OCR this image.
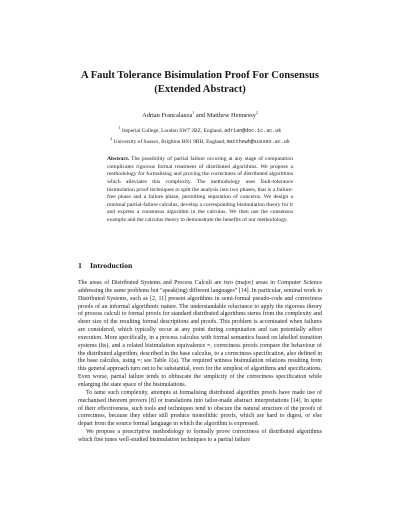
A Fault Tolerance Bisimulation Proof For Consensus
(Extended Abstract)
Adrian Francalanza$^1$ and Matthew Hennessy$^2$
$^1$ Imperial College, London SW7 2BZ, England, adrian@doc.ic.ac.uk
$^2$ University of Sussex, Brighton BN1 9RH, England, matthewh@sussex.ac.uk
Abstract. The possibility of partial failure occuring at any stage of computation complicates rigorous formal treatment of distributed algorithms. We propose a methodology for formalising and proving the correctness of distributed algorithms which alleviates this complexity. The methodology uses fault-tolerance bisimulation proof techniques to split the analysis into two phases, that is a failure-free phase and a failure phase, permitting separation of concerns. We design a minimal partial-failure calculus, develop a corresponding bisimulation theory for it and express a consensus algorithm in the calculus. We then use the consensus example and the calculus theory to demonstrate the benefits of our methodology.
1 Introduction

The areas of Distributed Systems and Process Calculi are two (major) areas in Computer Science addressing the same problems but "speak(ing) different languages" [14]. In particular, seminal work in Distributed Systems, such as [2, 11] present algorithms in semi-formal pseudo-code and correctness proofs of an informal algorithmic nature. The understandable reluctance to apply the rigorous theory of process calculi to formal proofs for standard distributed algorithms stems from the complexity and sheer size of the resulting formal descriptions and proofs. This problem is accentuated when failures are considered, which typically occur at any point during computation and can potentially affect execution. More specifically, in a process calculus with formal semantics based on labelled transition systems (lts), and a related bisimulation equivalence ≈, correctness proofs compare the behaviour of the distributed algorithm, described in the base calculus, to a correctness specification, also defined in the base calculus, using ≈; see Table 1(a). The required witness bisimulation relations resulting from this general approach turn out to be substantial, even for the simplest of algorithms and specifications. Even worse, partial failure tends to obfuscate the simplicity of the correctness specification while enlarging the state space of the bisimulations.

To tame such complexity, attempts at formalising distributed algorithm proofs have made use of mechanised theorem provers [8] or translations into tailor-made abstract interpretations [14]. In spite of their effectiveness, such tools and techniques tend to obscure the natural structure of the proofs of correctness, because they either still produce monolithic proofs, which are hard to digest, or else depart from the source formal language in which the algorithm is expressed.

We propose a prescriptive methodology to formally prove correctness of distributed algorithms which fine tunes well-studied bisimulation techniques to a partial failure
